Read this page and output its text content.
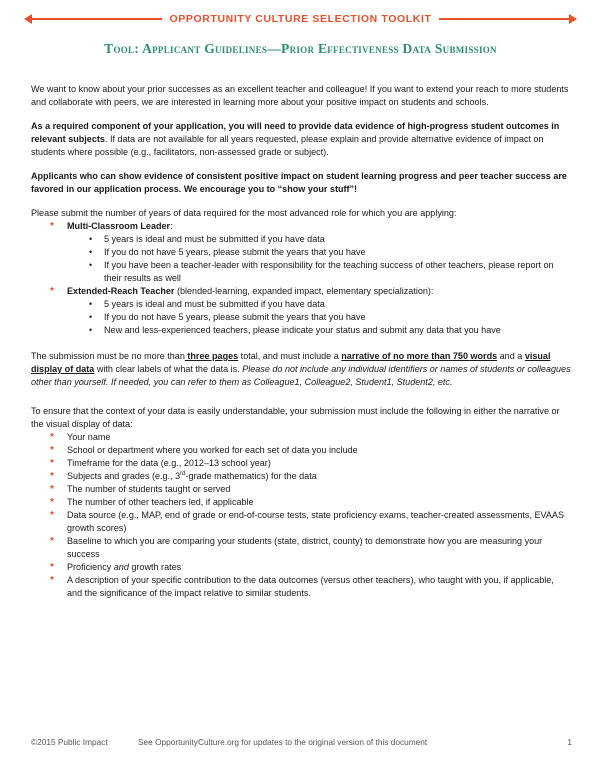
OPPORTUNITY CULTURE SELECTION TOOLKIT
Tool: Applicant Guidelines—Prior Effectiveness Data Submission

We want to know about your prior successes as an excellent teacher and colleague! If you want to extend your reach to more students and collaborate with peers, we are interested in learning more about your positive impact on students and schools.

As a required component of your application, you will need to provide data evidence of high-progress student outcomes in relevant subjects. If data are not available for all years requested, please explain and provide alternative evidence of impact on students where possible (e.g., facilitators, non-assessed grade or subject).

Applicants who can show evidence of consistent positive impact on student learning progress and peer teacher success are favored in our application process. We encourage you to “show your stuff”!

Please submit the number of years of data required for the most advanced role for which you are applying:
* Multi-Classroom Leader:
• 5 years is ideal and must be submitted if you have data
• If you do not have 5 years, please submit the years that you have
• If you have been a teacher-leader with responsibility for the teaching success of other teachers, please report on their results as well
* Extended-Reach Teacher (blended-learning, expanded impact, elementary specialization):
• 5 years is ideal and must be submitted if you have data
• If you do not have 5 years, please submit the years that you have
• New and less-experienced teachers, please indicate your status and submit any data that you have

The submission must be no more than three pages total, and must include a narrative of no more than 750 words and a visual display of data with clear labels of what the data is. Please do not include any individual identifiers or names of students or colleagues other than yourself. If needed, you can refer to them as Colleague1, Colleague2, Student1, Student2, etc.

To ensure that the context of your data is easily understandable, your submission must include the following in either the narrative or the visual display of data:
* Your name
* School or department where you worked for each set of data you include
* Timeframe for the data (e.g., 2012–13 school year)
* Subjects and grades (e.g., 3rd-grade mathematics) for the data
* The number of students taught or served
* The number of other teachers led, if applicable
* Data source (e.g., MAP, end of grade or end-of-course tests, state proficiency exams, teacher-created assessments, EVAAS growth scores)
* Baseline to which you are comparing your students (state, district, county) to demonstrate how you are measuring your success
* Proficiency and growth rates
* A description of your specific contribution to the data outcomes (versus other teachers), who taught with you, if applicable, and the significance of the impact relative to similar students.
©2015 Public Impact	See OpportunityCulture.org for updates to the original version of this document	1
